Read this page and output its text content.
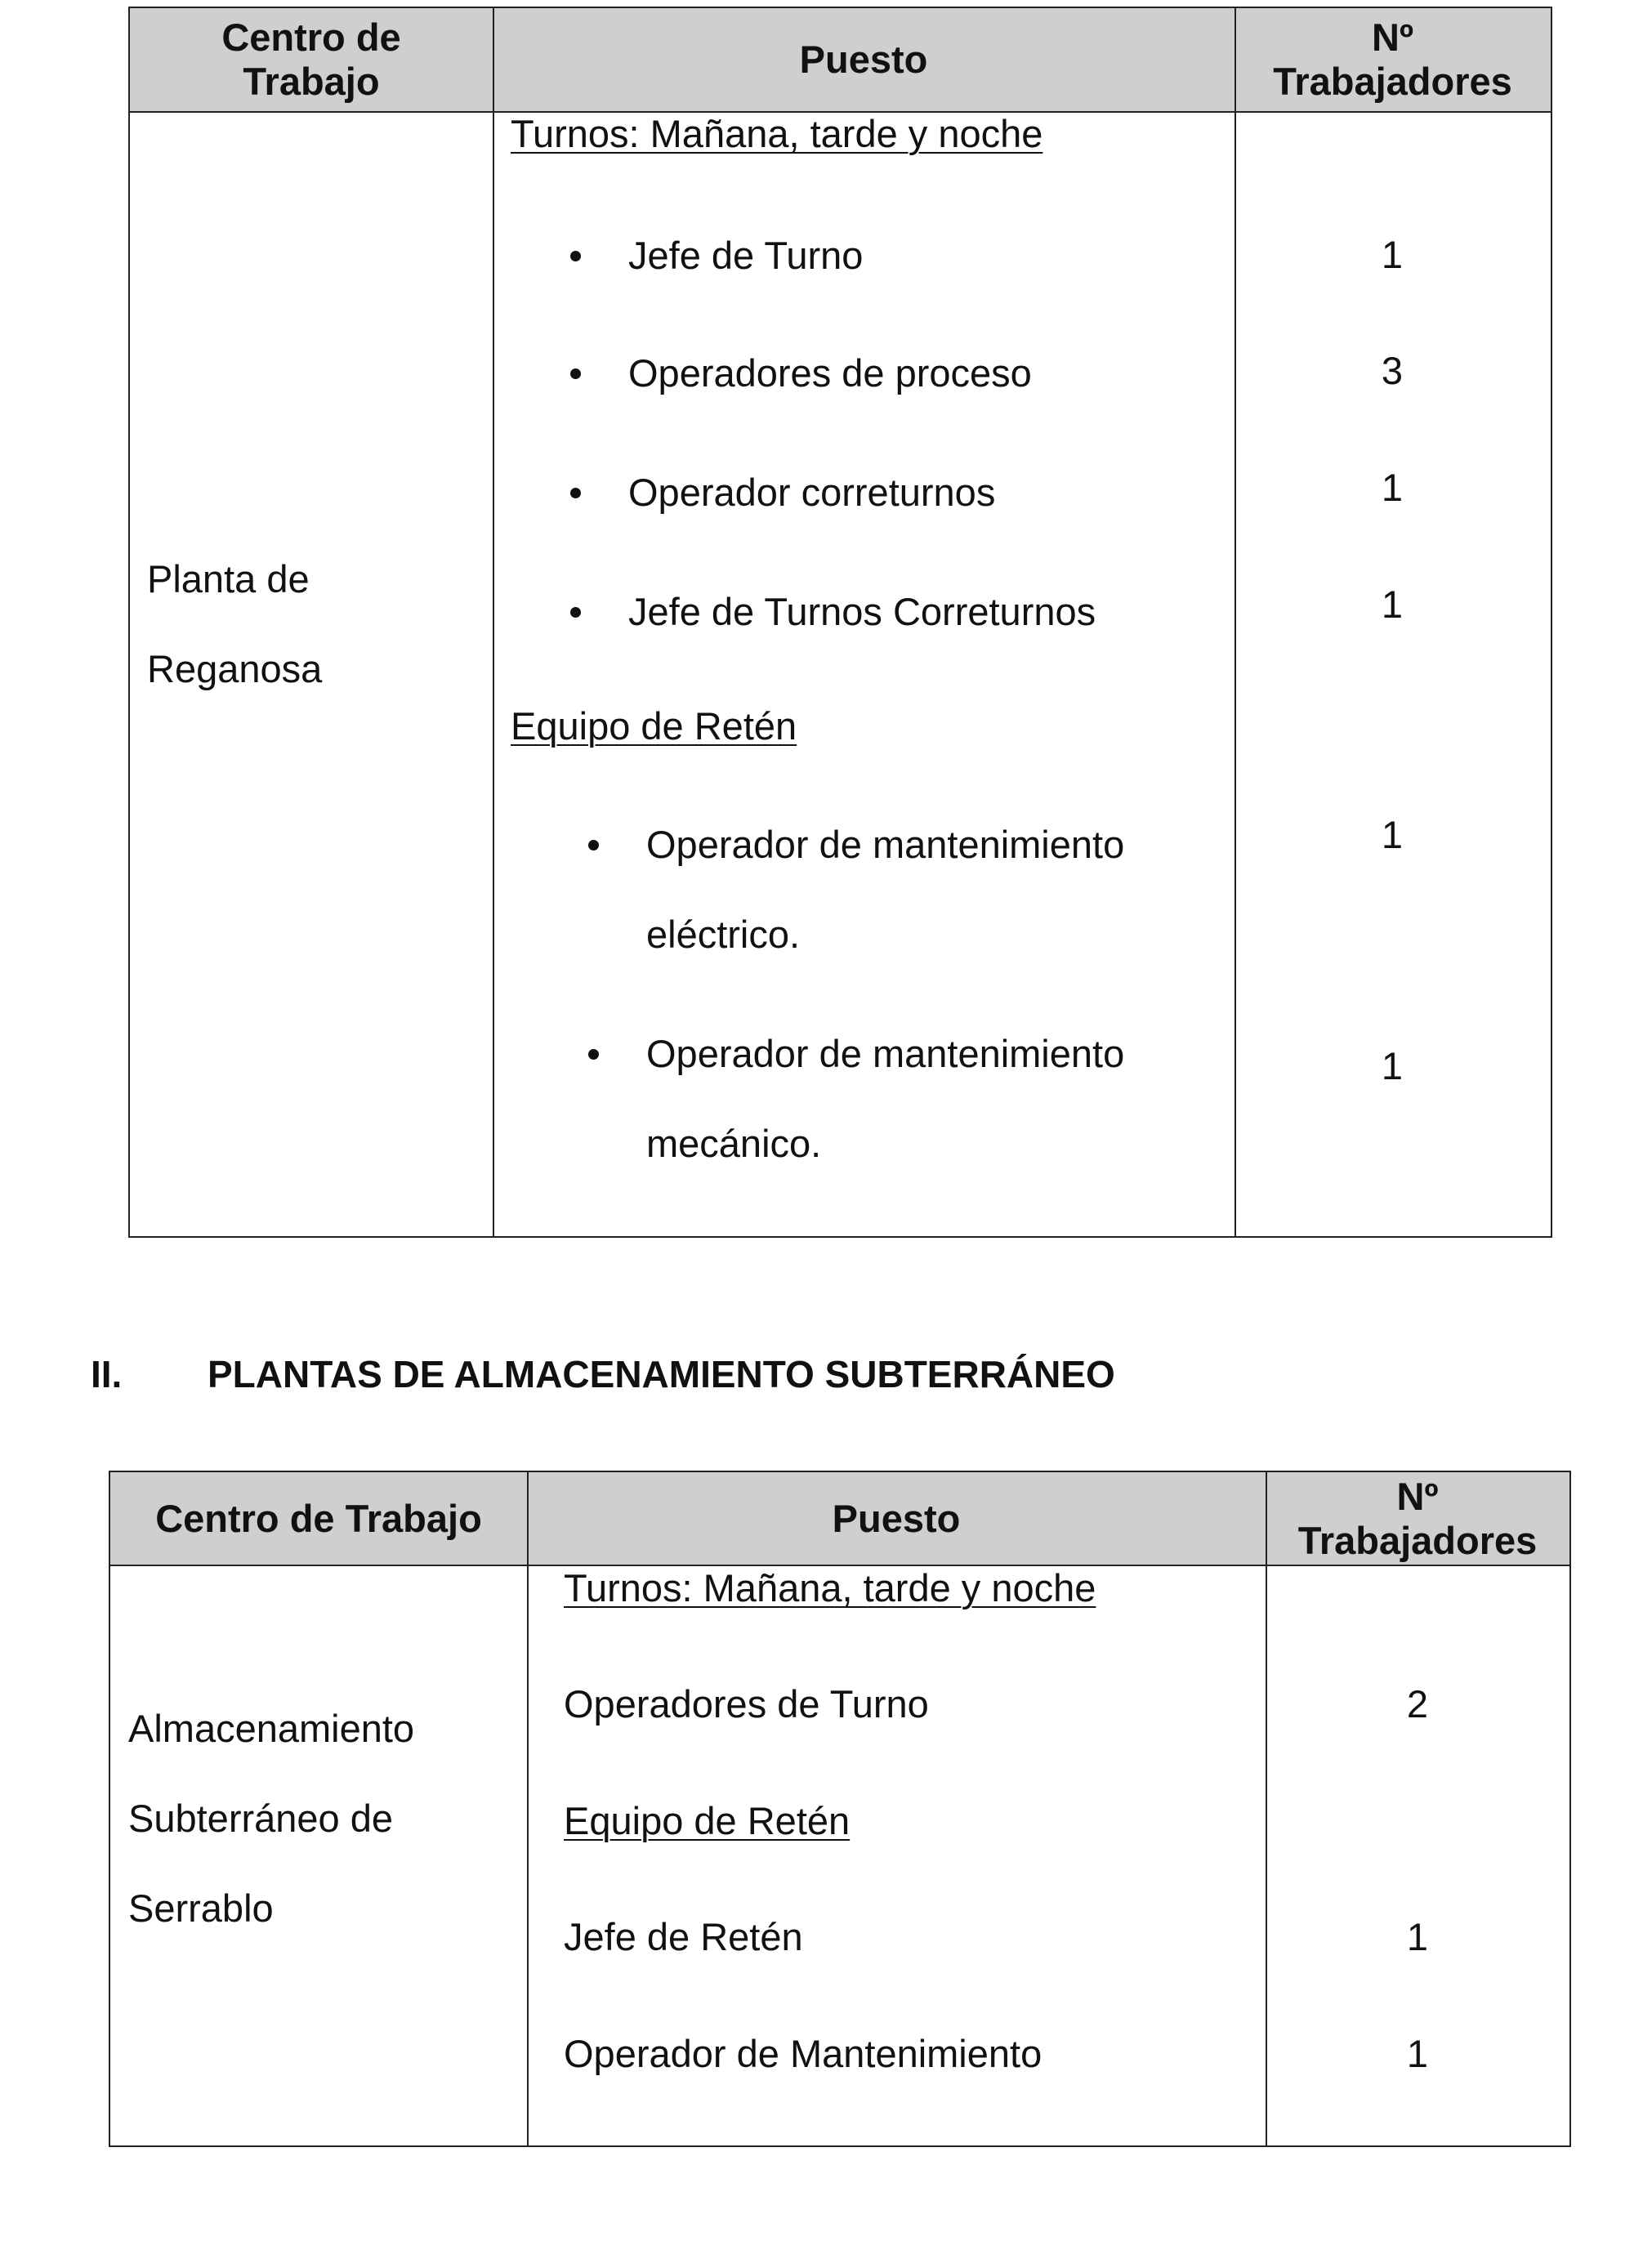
Centro de
Trabajo
Puesto
Nº
Trabajadores
Planta de
Reganosa
Turnos: Mañana, tarde y noche
Jefe de Turno
Operadores de proceso
Operador correturnos
Jefe de Turnos Correturnos
Equipo de Retén
Operador de mantenimiento
eléctrico.
Operador de mantenimiento
mecánico.
1
3
1
1
1
1
II. PLANTAS DE ALMACENAMIENTO SUBTERRÁNEO
Centro de Trabajo	Puesto
Nº
Trabajadores
Almacenamiento
Subterráneo de
Serrablo
Turnos: Mañana, tarde y noche
Operadores de Turno
Equipo de Retén
Jefe de Retén
Operador de Mantenimiento
2
1
1
